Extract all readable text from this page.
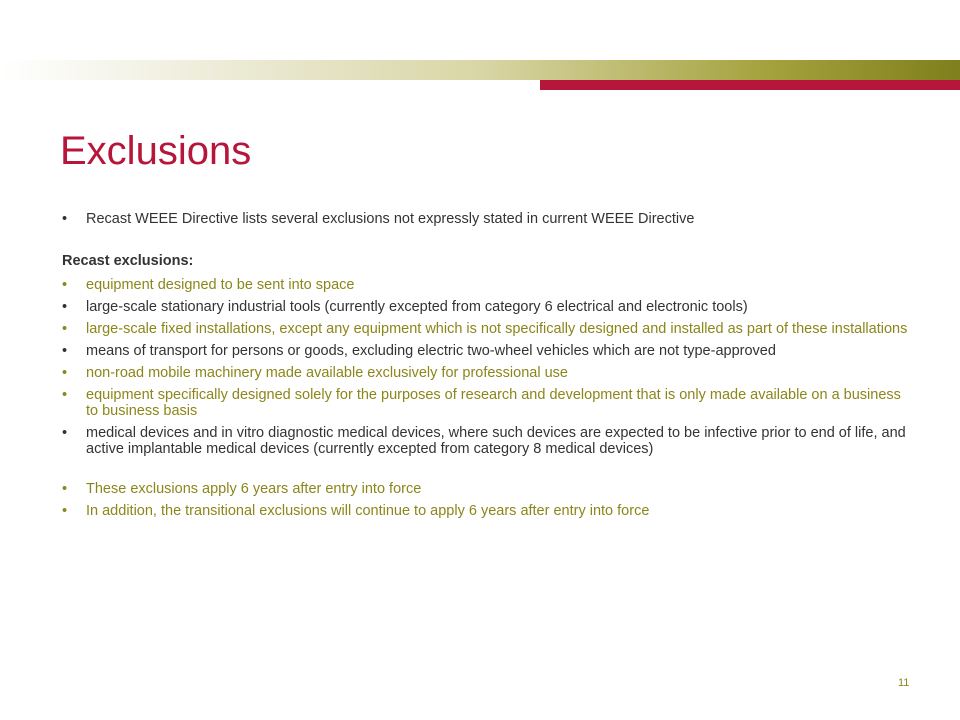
Exclusions
• Recast WEEE Directive lists several exclusions not expressly stated in current WEEE Directive
Recast exclusions:
• equipment designed to be sent into space
• large-scale stationary industrial tools (currently excepted from category 6 electrical and electronic tools)
• large-scale fixed installations, except any equipment which is not specifically designed and installed as part of these installations
• means of transport for persons or goods, excluding electric two-wheel vehicles which are not type-approved
• non-road mobile machinery made available exclusively for professional use
• equipment specifically designed solely for the purposes of research and development that is only made available on a business to business basis
• medical devices and in vitro diagnostic medical devices, where such devices are expected to be infective prior to end of life, and active implantable medical devices (currently excepted from category 8 medical devices)
• These exclusions apply 6 years after entry into force
• In addition, the transitional exclusions will continue to apply 6 years after entry into force
11
